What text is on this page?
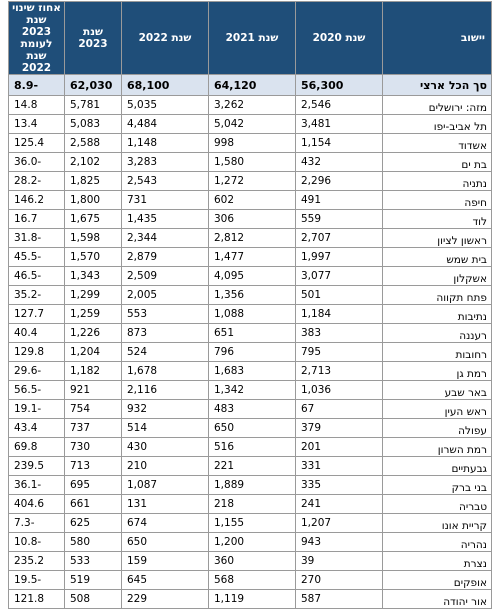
יישוב	שנת 2020	שנת 2021	שנת 2022	שנת 2023	אחוז שינוי שנת 2023 לעומת שנת 2022
סך הכל ארצי	56,300	64,120	68,100	62,030	-8.9
מזה: ירושלים	2,546	3,262	5,035	5,781	14.8
תל אביב-יפו	3,481	5,042	4,484	5,083	13.4
אשדוד	1,154	998	1,148	2,588	125.4
בת ים	432	1,580	3,283	2,102	-36.0
נתניה	2,296	1,272	2,543	1,825	-28.2
חיפה	491	602	731	1,800	146.2
לוד	559	306	1,435	1,675	16.7
ראשון לציון	2,707	2,812	2,344	1,598	-31.8
בית שמש	1,997	1,477	2,879	1,570	-45.5
אשקלון	3,077	4,095	2,509	1,343	-46.5
פתח תקווה	501	1,356	2,005	1,299	-35.2
נתיבות	1,184	1,088	553	1,259	127.7
רעננה	383	651	873	1,226	40.4
רחובות	795	796	524	1,204	129.8
רמת גן	2,713	1,683	1,678	1,182	-29.6
באר שבע	1,036	1,342	2,116	921	-56.5
ראש העין	67	483	932	754	-19.1
עפולה	379	650	514	737	43.4
רמת השרון	201	516	430	730	69.8
גבעתיים	331	221	210	713	239.5
בני ברק	335	1,889	1,087	695	-36.1
טבריה	241	218	131	661	404.6
קריית אונו	1,207	1,155	674	625	-7.3
נהריה	943	1,200	650	580	-10.8
נצרת	39	360	159	533	235.2
אופקים	270	568	645	519	-19.5
אור יהודה	587	1,119	229	508	121.8
